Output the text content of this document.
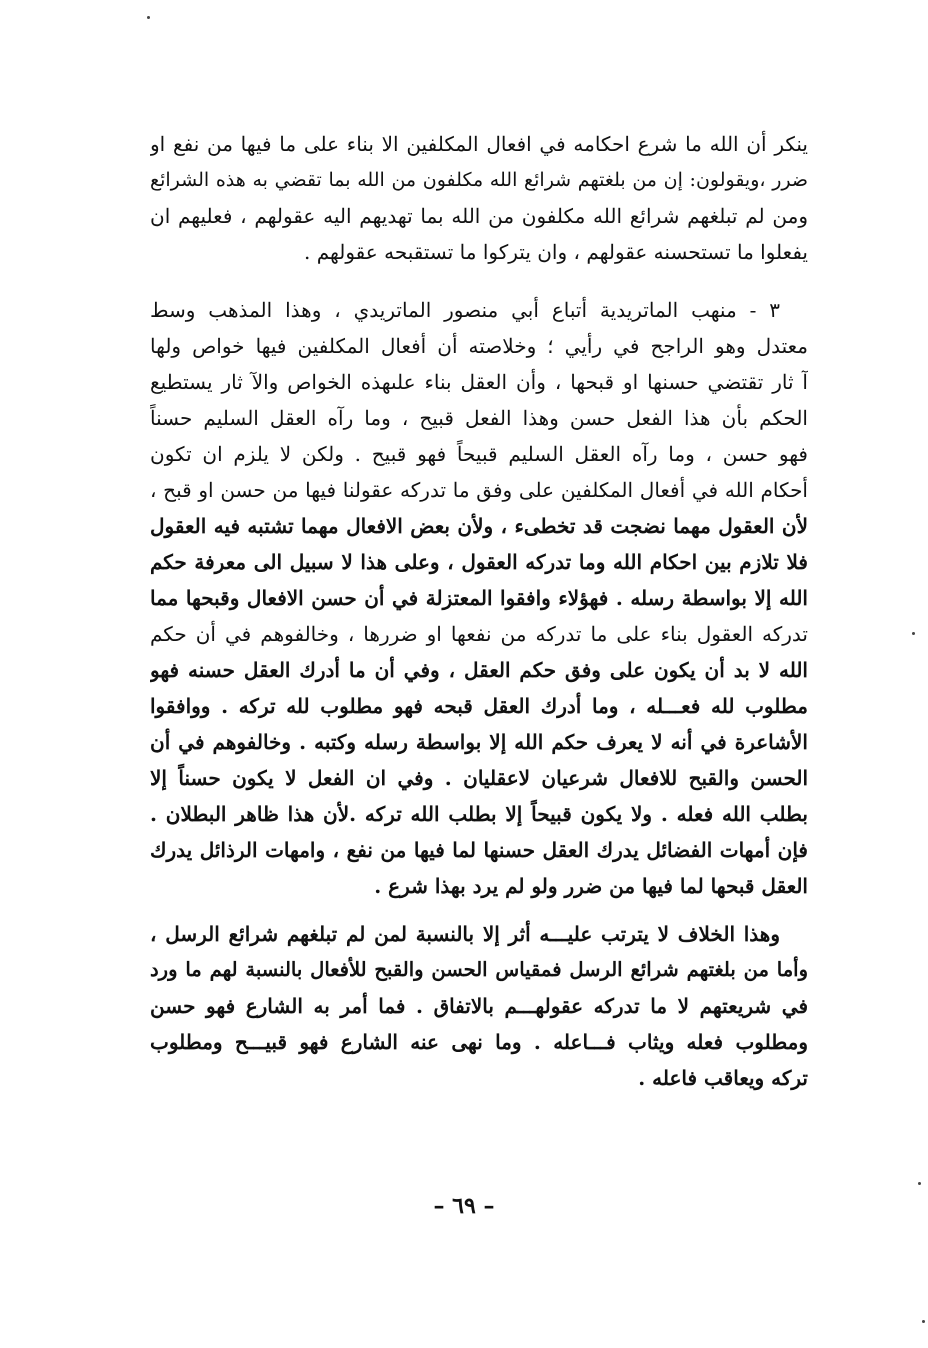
ينكر أن الله ما شرع احكامه في افعال المكلفين الا بناء على ما فيها من نفع او
ضرر ،ويقولون: إن من بلغتهم شرائع الله مكلفون من الله بما تقضي به هذه الشرائع
ومن لم تبلغهم شرائع الله مكلفون من الله بما تهديهم اليه عقولهم ، فعليهم ان
يفعلوا ما تستحسنه عقولهم ، وان يتركوا ما تستقبحه عقولهم .
٣ - منهب الماتريدية أتباع أبي منصور الماتريدي ، وهذا المذهب وسط
معتدل وهو الراجح في رأيي ؛ وخلاصته أن أفعال المكلفين فيها خواص ولها
آ ثار تقتضي حسنها او قبحها ، وأن العقل بناء علىهذه الخواص والآ ثار يستطيع
الحكم بأن هذا الفعل حسن وهذا الفعل قبيح ، وما رآه العقل السليم حسناً
فهو حسن ، وما رآه العقل السليم قبيحاً فهو قبيح . ولكن لا يلزم ان تكون
أحكام الله في أفعال المكلفين على وفق ما تدركه عقولنا فيها من حسن او قبح ،
لأن العقول مهما نضجت قد تخطىء ، ولأن بعض الافعال مهما تشتبه فيه العقول
فلا تلازم بين احكام الله وما تدركه العقول ، وعلى هذا لا سبيل الى معرفة حكم
الله إلا بواسطة رسله . فهؤلاء وافقوا المعتزلة في أن حسن الافعال وقبحها مما
تدركه العقول بناء على ما تدركه من نفعها او ضررها ، وخالفوهم في أن حكم
الله لا بد أن يكون على وفق حكم العقل ، وفي أن ما أدرك العقل حسنه فهو
مطلوب لله فعـــله ، وما أدرك العقل قبحه فهو مطلوب لله تركه . ووافقوا
الأشاعرة في أنه لا يعرف حكم الله إلا بواسطة رسله وكتبه . وخالفوهم في أن
الحسن والقبح للافعال شرعيان لاعقليان . وفي ان الفعل لا يكون حسناً إلا
بطلب الله فعله . ولا يكون قبيحاً إلا بطلب الله تركه .لأن هذا ظاهر البطلان .
فإن أمهات الفضائل يدرك العقل حسنها لما فيها من نفع ، وامهات الرذائل يدرك
العقل قبحها لما فيها من ضرر ولو لم يرد بهذا شرع .
وهذا الخلاف لا يترتب عليـــه أثر إلا بالنسبة لمن لم تبلغهم شرائع الرسل ،
وأما من بلغتهم شرائع الرسل فمقياس الحسن والقبح للأفعال بالنسبة لهم ما ورد
في شريعتهم لا ما تدركه عقولهـــم بالاتفاق . فما أمر به الشارع فهو حسن
ومطلوب فعله ويثاب فـــاعله . وما نهى عنه الشارع فهو قبيـــح ومطلوب
تركه ويعاقب فاعله .
– ٦٩ –
